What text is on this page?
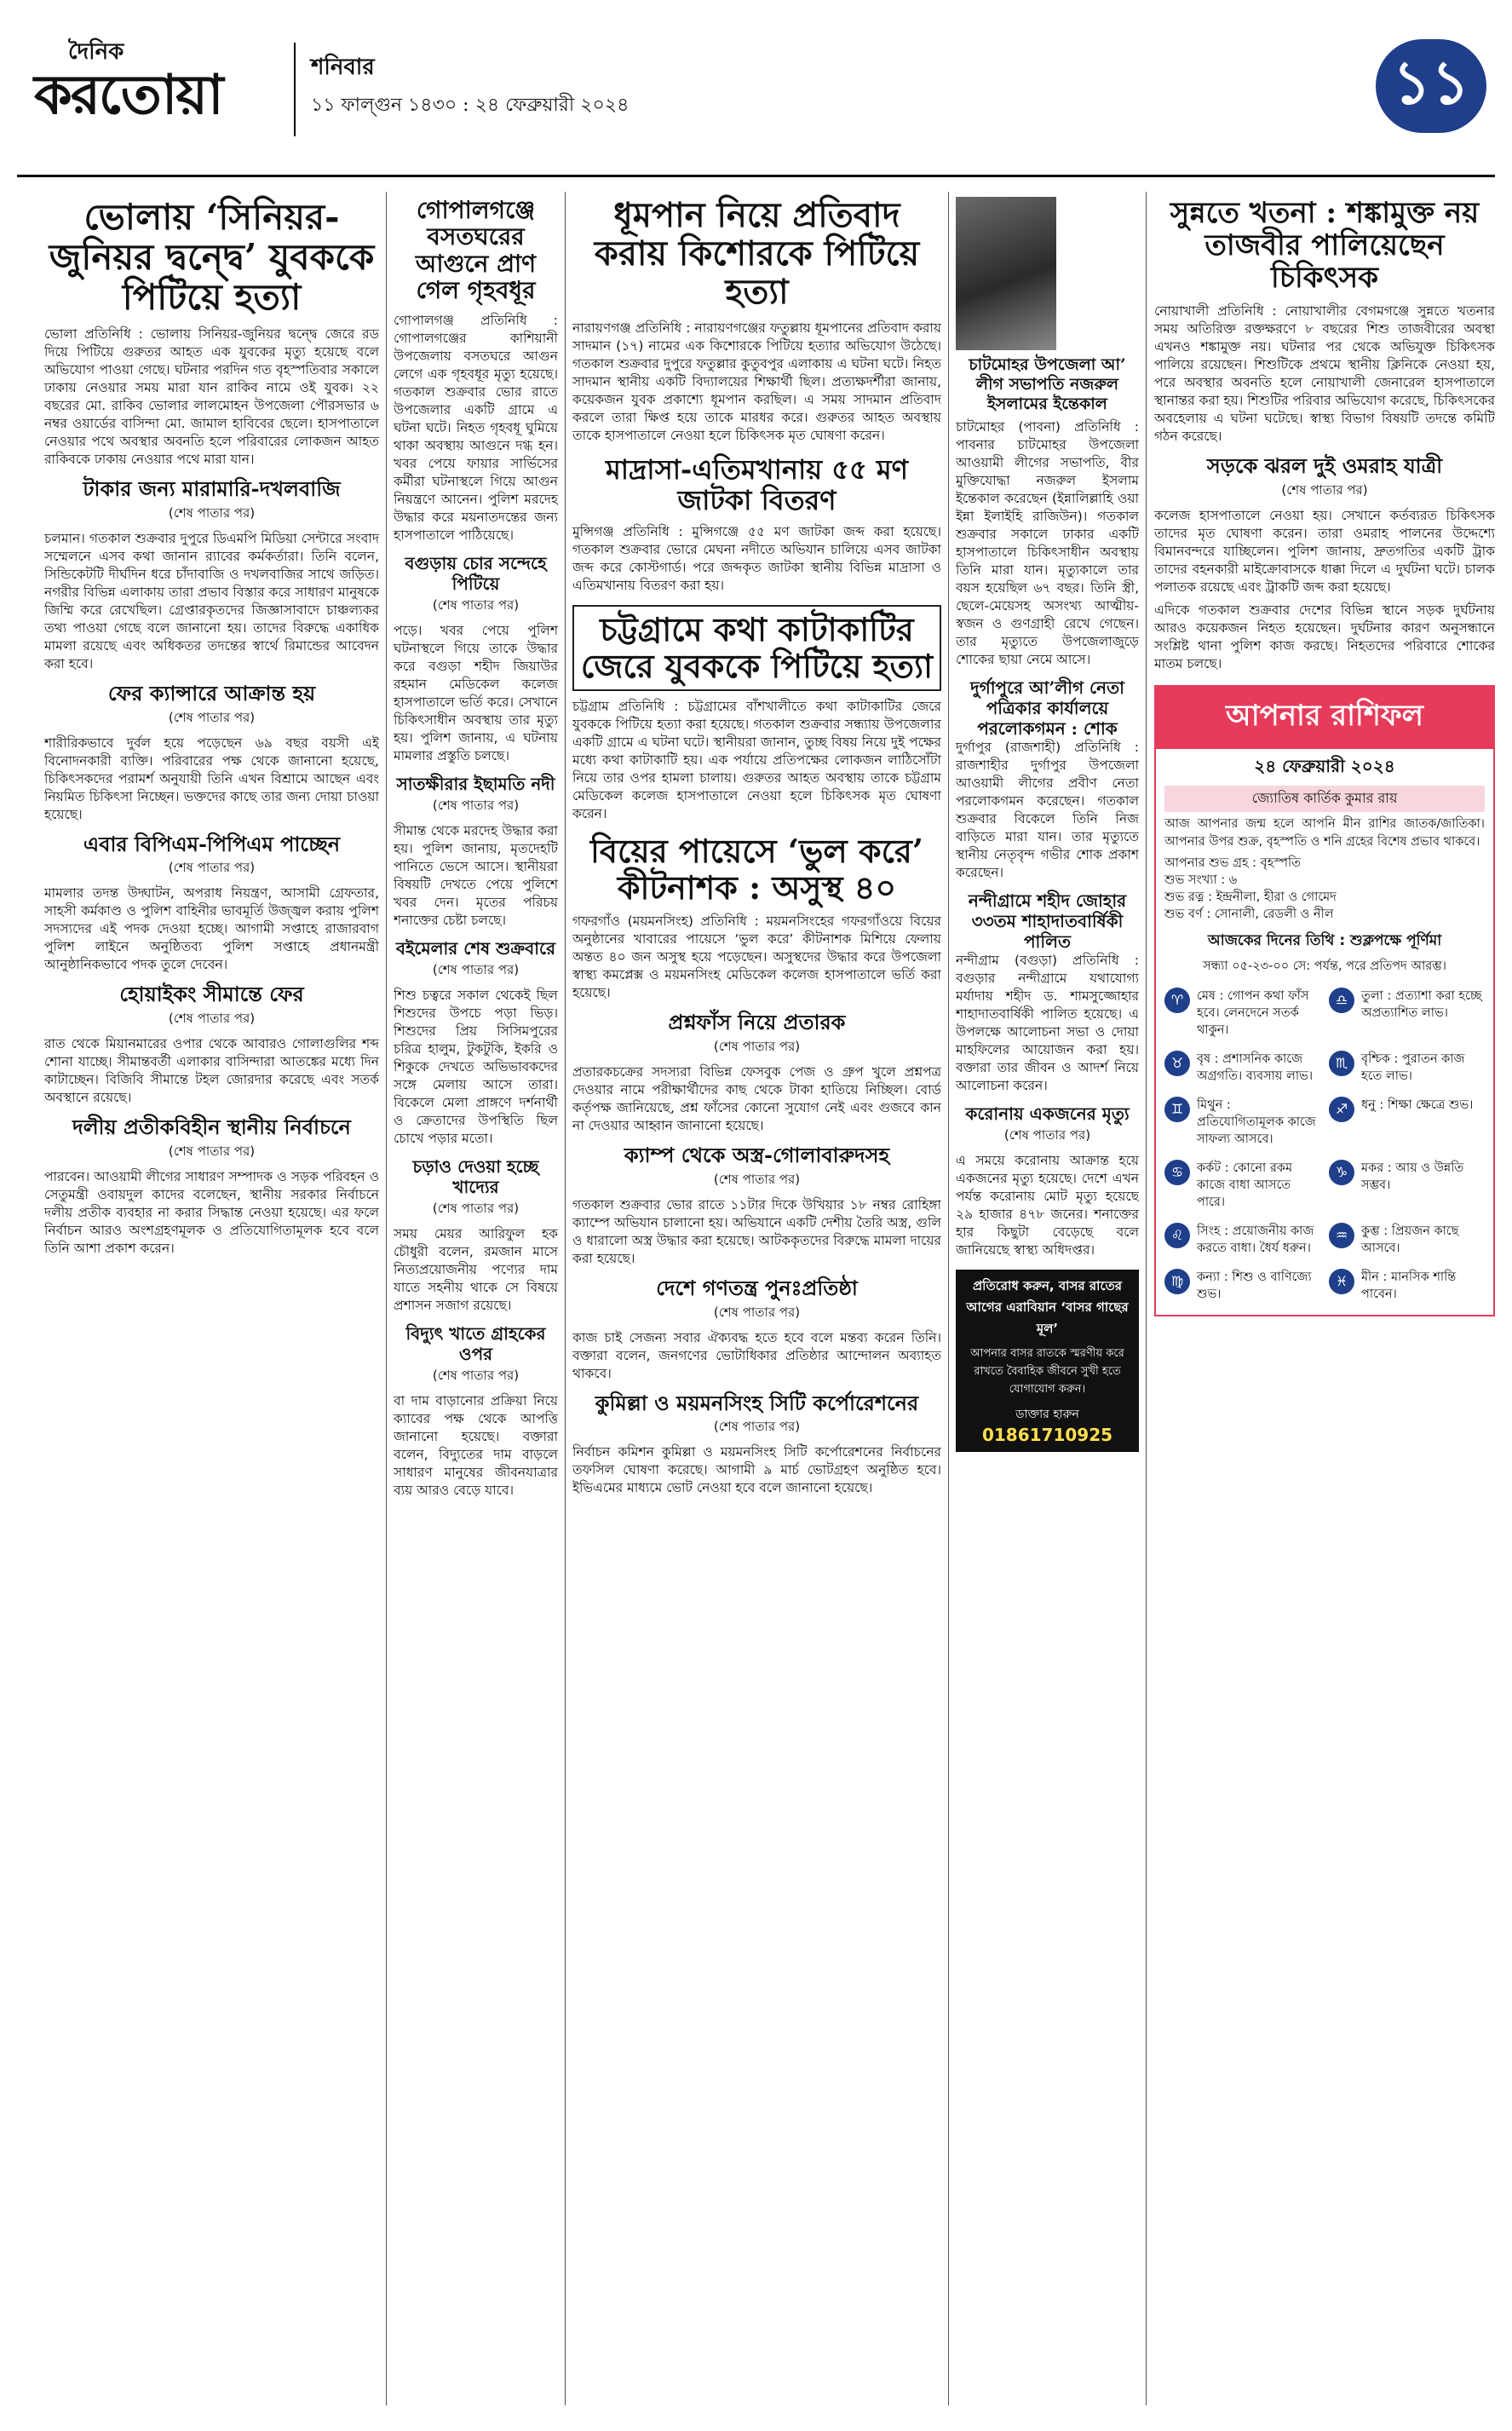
দৈনিক
করতোয়া	শনিবার
১১ ফাল্গুন ১৪৩০ : ২৪ ফেব্রুয়ারী ২০২৪	১১
ভোলায় ‘সিনিয়র-জুনিয়র দ্বন্দ্বে’ যুবককে পিটিয়ে হত্যা
ভোলা প্রতিনিধি : ভোলায় সিনিয়র-জুনিয়র দ্বন্দ্বে জেরে রড দিয়ে পিটিয়ে গুরুতর আহত এক যুবকের মৃত্যু হয়েছে বলে অভিযোগ পাওয়া গেছে। ঘটনার পরদিন গত বৃহস্পতিবার সকালে ঢাকায় নেওয়ার সময় মারা যান রাকিব নামে ওই যুবক। ২২ বছরের মো. রাকিব ভোলার লালমোহন উপজেলা পৌরসভার ৬ নম্বর ওয়ার্ডের বাসিন্দা মো. জামাল হাবিবের ছেলে। হাসপাতালে নেওয়ার পথে অবস্থার অবনতি হলে পরিবারের লোকজন আহত রাকিবকে ঢাকায় নেওয়ার পথে মারা যান।
টাকার জন্য মারামারি-দখলবাজি
(শেষ পাতার পর)
চলমান। গতকাল শুক্রবার দুপুরে ডিএমপি মিডিয়া সেন্টারে সংবাদ সম্মেলনে এসব কথা জানান র‍্যাবের কর্মকর্তারা। তিনি বলেন, সিন্ডিকেটটি দীর্ঘদিন ধরে চাঁদাবাজি ও দখলবাজির সাথে জড়িত। নগরীর বিভিন্ন এলাকায় তারা প্রভাব বিস্তার করে সাধারণ মানুষকে জিম্মি করে রেখেছিল। গ্রেপ্তারকৃতদের জিজ্ঞাসাবাদে চাঞ্চল্যকর তথ্য পাওয়া গেছে বলে জানানো হয়। তাদের বিরুদ্ধে একাধিক মামলা রয়েছে এবং অধিকতর তদন্তের স্বার্থে রিমান্ডের আবেদন করা হবে।
ফের ক্যান্সারে আক্রান্ত হয়
(শেষ পাতার পর)
শারীরিকভাবে দুর্বল হয়ে পড়েছেন ৬৯ বছর বয়সী এই বিনোদনকারী ব্যক্তি। পরিবারের পক্ষ থেকে জানানো হয়েছে, চিকিৎসকদের পরামর্শ অনুযায়ী তিনি এখন বিশ্রামে আছেন এবং নিয়মিত চিকিৎসা নিচ্ছেন। ভক্তদের কাছে তার জন্য দোয়া চাওয়া হয়েছে।
এবার বিপিএম-পিপিএম পাচ্ছেন
(শেষ পাতার পর)
মামলার তদন্ত উদ্ঘাটন, অপরাধ নিয়ন্ত্রণ, আসামী গ্রেফতার, সাহসী কর্মকাণ্ড ও পুলিশ বাহিনীর ভাবমূর্তি উজ্জ্বল করায় পুলিশ সদস্যদের এই পদক দেওয়া হচ্ছে। আগামী সপ্তাহে রাজারবাগ পুলিশ লাইনে অনুষ্ঠিতব্য পুলিশ সপ্তাহে প্রধানমন্ত্রী আনুষ্ঠানিকভাবে পদক তুলে দেবেন।
হোয়াইকং সীমান্তে ফের
(শেষ পাতার পর)
রাত থেকে মিয়ানমারের ওপার থেকে আবারও গোলাগুলির শব্দ শোনা যাচ্ছে। সীমান্তবর্তী এলাকার বাসিন্দারা আতঙ্কের মধ্যে দিন কাটাচ্ছেন। বিজিবি সীমান্তে টহল জোরদার করেছে এবং সতর্ক অবস্থানে রয়েছে।
দলীয় প্রতীকবিহীন স্থানীয় নির্বাচনে
(শেষ পাতার পর)
পারবেন। আওয়ামী লীগের সাধারণ সম্পাদক ও সড়ক পরিবহন ও সেতুমন্ত্রী ওবায়দুল কাদের বলেছেন, স্থানীয় সরকার নির্বাচনে দলীয় প্রতীক ব্যবহার না করার সিদ্ধান্ত নেওয়া হয়েছে। এর ফলে নির্বাচন আরও অংশগ্রহণমূলক ও প্রতিযোগিতামূলক হবে বলে তিনি আশা প্রকাশ করেন।
গোপালগঞ্জে বসতঘরের আগুনে প্রাণ গেল গৃহবধূর
গোপালগঞ্জ প্রতিনিধি : গোপালগঞ্জের কাশিয়ানী উপজেলায় বসতঘরে আগুন লেগে এক গৃহবধূর মৃত্যু হয়েছে। গতকাল শুক্রবার ভোর রাতে উপজেলার একটি গ্রামে এ ঘটনা ঘটে। নিহত গৃহবধূ ঘুমিয়ে থাকা অবস্থায় আগুনে দগ্ধ হন। খবর পেয়ে ফায়ার সার্ভিসের কর্মীরা ঘটনাস্থলে গিয়ে আগুন নিয়ন্ত্রণে আনেন। পুলিশ মরদেহ উদ্ধার করে ময়নাতদন্তের জন্য হাসপাতালে পাঠিয়েছে।
বগুড়ায় চোর সন্দেহে পিটিয়ে
(শেষ পাতার পর)
পড়ে। খবর পেয়ে পুলিশ ঘটনাস্থলে গিয়ে তাকে উদ্ধার করে বগুড়া শহীদ জিয়াউর রহমান মেডিকেল কলেজ হাসপাতালে ভর্তি করে। সেখানে চিকিৎসাধীন অবস্থায় তার মৃত্যু হয়। পুলিশ জানায়, এ ঘটনায় মামলার প্রস্তুতি চলছে।
সাতক্ষীরার ইছামতি নদী
(শেষ পাতার পর)
সীমান্ত থেকে মরদেহ উদ্ধার করা হয়। পুলিশ জানায়, মৃতদেহটি পানিতে ভেসে আসে। স্থানীয়রা বিষয়টি দেখতে পেয়ে পুলিশে খবর দেন। মৃতের পরিচয় শনাক্তের চেষ্টা চলছে।
বইমেলার শেষ শুক্রবারে
(শেষ পাতার পর)
শিশু চত্বরে সকাল থেকেই ছিল শিশুদের উপচে পড়া ভিড়। শিশুদের প্রিয় সিসিমপুরের চরিত্র হালুম, টুকটুকি, ইকরি ও শিকুকে দেখতে অভিভাবকদের সঙ্গে মেলায় আসে তারা। বিকেলে মেলা প্রাঙ্গণে দর্শনার্থী ও ক্রেতাদের উপস্থিতি ছিল চোখে পড়ার মতো।
চড়াও দেওয়া হচ্ছে খাদ্যের
(শেষ পাতার পর)
সময় মেয়র আরিফুল হক চৌধুরী বলেন, রমজান মাসে নিত্যপ্রয়োজনীয় পণ্যের দাম যাতে সহনীয় থাকে সে বিষয়ে প্রশাসন সজাগ রয়েছে।
বিদ্যুৎ খাতে গ্রাহকের ওপর
(শেষ পাতার পর)
বা দাম বাড়ানোর প্রক্রিয়া নিয়ে ক্যাবের পক্ষ থেকে আপত্তি জানানো হয়েছে। বক্তারা বলেন, বিদ্যুতের দাম বাড়লে সাধারণ মানুষের জীবনযাত্রার ব্যয় আরও বেড়ে যাবে।
ধূমপান নিয়ে প্রতিবাদ করায় কিশোরকে পিটিয়ে হত্যা
নারায়ণগঞ্জ প্রতিনিধি : নারায়ণগঞ্জের ফতুল্লায় ধূমপানের প্রতিবাদ করায় সাদমান (১৭) নামের এক কিশোরকে পিটিয়ে হত্যার অভিযোগ উঠেছে। গতকাল শুক্রবার দুপুরে ফতুল্লার কুতুবপুর এলাকায় এ ঘটনা ঘটে। নিহত সাদমান স্থানীয় একটি বিদ্যালয়ের শিক্ষার্থী ছিল। প্রত্যক্ষদর্শীরা জানায়, কয়েকজন যুবক প্রকাশ্যে ধূমপান করছিল। এ সময় সাদমান প্রতিবাদ করলে তারা ক্ষিপ্ত হয়ে তাকে মারধর করে। গুরুতর আহত অবস্থায় তাকে হাসপাতালে নেওয়া হলে চিকিৎসক মৃত ঘোষণা করেন।
মাদ্রাসা-এতিমখানায় ৫৫ মণ জাটকা বিতরণ
মুন্সিগঞ্জ প্রতিনিধি : মুন্সিগঞ্জে ৫৫ মণ জাটকা জব্দ করা হয়েছে। গতকাল শুক্রবার ভোরে মেঘনা নদীতে অভিযান চালিয়ে এসব জাটকা জব্দ করে কোস্টগার্ড। পরে জব্দকৃত জাটকা স্থানীয় বিভিন্ন মাদ্রাসা ও এতিমখানায় বিতরণ করা হয়।
চট্টগ্রামে কথা কাটাকাটির জেরে যুবককে পিটিয়ে হত্যা
চট্টগ্রাম প্রতিনিধি : চট্টগ্রামের বাঁশখালীতে কথা কাটাকাটির জেরে যুবককে পিটিয়ে হত্যা করা হয়েছে। গতকাল শুক্রবার সন্ধ্যায় উপজেলার একটি গ্রামে এ ঘটনা ঘটে। স্থানীয়রা জানান, তুচ্ছ বিষয় নিয়ে দুই পক্ষের মধ্যে কথা কাটাকাটি হয়। এক পর্যায়ে প্রতিপক্ষের লোকজন লাঠিসোঁটা নিয়ে তার ওপর হামলা চালায়। গুরুতর আহত অবস্থায় তাকে চট্টগ্রাম মেডিকেল কলেজ হাসপাতালে নেওয়া হলে চিকিৎসক মৃত ঘোষণা করেন।
বিয়ের পায়েসে ‘ভুল করে’ কীটনাশক : অসুস্থ ৪০
গফরগাঁও (ময়মনসিংহ) প্রতিনিধি : ময়মনসিংহের গফরগাঁওয়ে বিয়ের অনুষ্ঠানের খাবারের পায়েসে ‘ভুল করে’ কীটনাশক মিশিয়ে ফেলায় অন্তত ৪০ জন অসুস্থ হয়ে পড়েছেন। অসুস্থদের উদ্ধার করে উপজেলা স্বাস্থ্য কমপ্লেক্স ও ময়মনসিংহ মেডিকেল কলেজ হাসপাতালে ভর্তি করা হয়েছে।
প্রশ্নফাঁস নিয়ে প্রতারক
(শেষ পাতার পর)
প্রতারকচক্রের সদস্যরা বিভিন্ন ফেসবুক পেজ ও গ্রুপ খুলে প্রশ্নপত্র দেওয়ার নামে পরীক্ষার্থীদের কাছ থেকে টাকা হাতিয়ে নিচ্ছিল। বোর্ড কর্তৃপক্ষ জানিয়েছে, প্রশ্ন ফাঁসের কোনো সুযোগ নেই এবং গুজবে কান না দেওয়ার আহ্বান জানানো হয়েছে।
ক্যাম্প থেকে অস্ত্র-গোলাবারুদসহ
(শেষ পাতার পর)
গতকাল শুক্রবার ভোর রাতে ১১টার দিকে উখিয়ার ১৮ নম্বর রোহিঙ্গা ক্যাম্পে অভিযান চালানো হয়। অভিযানে একটি দেশীয় তৈরি অস্ত্র, গুলি ও ধারালো অস্ত্র উদ্ধার করা হয়েছে। আটককৃতদের বিরুদ্ধে মামলা দায়ের করা হয়েছে।
দেশে গণতন্ত্র পুনঃপ্রতিষ্ঠা
(শেষ পাতার পর)
কাজ চাই সেজন্য সবার ঐক্যবদ্ধ হতে হবে বলে মন্তব্য করেন তিনি। বক্তারা বলেন, জনগণের ভোটাধিকার প্রতিষ্ঠার আন্দোলন অব্যাহত থাকবে।
কুমিল্লা ও ময়মনসিংহ সিটি কর্পোরেশনের
(শেষ পাতার পর)
নির্বাচন কমিশন কুমিল্লা ও ময়মনসিংহ সিটি কর্পোরেশনের নির্বাচনের তফসিল ঘোষণা করেছে। আগামী ৯ মার্চ ভোটগ্রহণ অনুষ্ঠিত হবে। ইভিএমের মাধ্যমে ভোট নেওয়া হবে বলে জানানো হয়েছে।
চাটমোহর উপজেলা আ’ লীগ সভাপতি নজরুল ইসলামের ইন্তেকাল
চাটমোহর (পাবনা) প্রতিনিধি : পাবনার চাটমোহর উপজেলা আওয়ামী লীগের সভাপতি, বীর মুক্তিযোদ্ধা নজরুল ইসলাম ইন্তেকাল করেছেন (ইন্নালিল্লাহি ওয়া ইন্না ইলাইহি রাজিউন)। গতকাল শুক্রবার সকালে ঢাকার একটি হাসপাতালে চিকিৎসাধীন অবস্থায় তিনি মারা যান। মৃত্যুকালে তার বয়স হয়েছিল ৬৭ বছর। তিনি স্ত্রী, ছেলে-মেয়েসহ অসংখ্য আত্মীয়-স্বজন ও গুণগ্রাহী রেখে গেছেন। তার মৃত্যুতে উপজেলাজুড়ে শোকের ছায়া নেমে আসে।
দুর্গাপুরে আ’লীগ নেতা পত্রিকার কার্যালয়ে পরলোকগমন : শোক
দুর্গাপুর (রাজশাহী) প্রতিনিধি : রাজশাহীর দুর্গাপুর উপজেলা আওয়ামী লীগের প্রবীণ নেতা পরলোকগমন করেছেন। গতকাল শুক্রবার বিকেলে তিনি নিজ বাড়িতে মারা যান। তার মৃত্যুতে স্থানীয় নেতৃবৃন্দ গভীর শোক প্রকাশ করেছেন।
নন্দীগ্রামে শহীদ জোহার ৩৩তম শাহাদাতবার্ষিকী পালিত
নন্দীগ্রাম (বগুড়া) প্রতিনিধি : বগুড়ার নন্দীগ্রামে যথাযোগ্য মর্যাদায় শহীদ ড. শামসুজ্জোহার শাহাদাতবার্ষিকী পালিত হয়েছে। এ উপলক্ষে আলোচনা সভা ও দোয়া মাহফিলের আয়োজন করা হয়। বক্তারা তার জীবন ও আদর্শ নিয়ে আলোচনা করেন।
করোনায় একজনের মৃত্যু
(শেষ পাতার পর)
এ সময়ে করোনায় আক্রান্ত হয়ে একজনের মৃত্যু হয়েছে। দেশে এখন পর্যন্ত করোনায় মোট মৃত্যু হয়েছে ২৯ হাজার ৪৭৮ জনের। শনাক্তের হার কিছুটা বেড়েছে বলে জানিয়েছে স্বাস্থ্য অধিদপ্তর।
প্রতিরোধ করুন, বাসর রাতের আগের এরাবিয়ান ‘বাসর গাছের মূল’
আপনার বাসর রাতকে স্মরণীয় করে রাখতে বৈবাহিক জীবনে সুখী হতে যোগাযোগ করুন।
ডাক্তার হারুন 01861710925
সুন্নতে খতনা : শঙ্কামুক্ত নয় তাজবীর পালিয়েছেন চিকিৎসক
নোয়াখালী প্রতিনিধি : নোয়াখালীর বেগমগঞ্জে সুন্নতে খতনার সময় অতিরিক্ত রক্তক্ষরণে ৮ বছরের শিশু তাজবীরের অবস্থা এখনও শঙ্কামুক্ত নয়। ঘটনার পর থেকে অভিযুক্ত চিকিৎসক পালিয়ে রয়েছেন। শিশুটিকে প্রথমে স্থানীয় ক্লিনিকে নেওয়া হয়, পরে অবস্থার অবনতি হলে নোয়াখালী জেনারেল হাসপাতালে স্থানান্তর করা হয়। শিশুটির পরিবার অভিযোগ করেছে, চিকিৎসকের অবহেলায় এ ঘটনা ঘটেছে। স্বাস্থ্য বিভাগ বিষয়টি তদন্তে কমিটি গঠন করেছে।
সড়কে ঝরল দুই ওমরাহ যাত্রী
(শেষ পাতার পর)
কলেজ হাসপাতালে নেওয়া হয়। সেখানে কর্তব্যরত চিকিৎসক তাদের মৃত ঘোষণা করেন। তারা ওমরাহ পালনের উদ্দেশ্যে বিমানবন্দরে যাচ্ছিলেন। পুলিশ জানায়, দ্রুতগতির একটি ট্রাক তাদের বহনকারী মাইক্রোবাসকে ধাক্কা দিলে এ দুর্ঘটনা ঘটে। চালক পলাতক রয়েছে এবং ট্রাকটি জব্দ করা হয়েছে।
এদিকে গতকাল শুক্রবার দেশের বিভিন্ন স্থানে সড়ক দুর্ঘটনায় আরও কয়েকজন নিহত হয়েছেন। দুর্ঘটনার কারণ অনুসন্ধানে সংশ্লিষ্ট থানা পুলিশ কাজ করছে। নিহতদের পরিবারে শোকের মাতম চলছে।
আপনার রাশিফল
২৪ ফেব্রুয়ারী ২০২৪
জ্যোতিষ কার্তিক কুমার রায়
আজ আপনার জন্ম হলে আপনি মীন রাশির জাতক/জাতিকা। আপনার উপর শুক্র, বৃহস্পতি ও শনি গ্রহের বিশেষ প্রভাব থাকবে।
আপনার শুভ গ্রহ : বৃহস্পতি
শুভ সংখ্যা : ৬
শুভ রত্ন : ইন্দ্রনীলা, হীরা ও গোমেদ
শুভ বর্ণ : সোনালী, রেডলী ও নীল
আজকের দিনের তিথি : শুক্লপক্ষে পূর্ণিমা
সন্ধ্যা ০৫-২৩-০০ সে: পর্যন্ত, পরে প্রতিপদ আরম্ভ।
♈	মেষ : গোপন কথা ফাঁস হবে। লেনদেনে সতর্ক থাকুন।
♎	তুলা : প্রত্যাশা করা হচ্ছে অপ্রত্যাশিত লাভ।
♉	বৃষ : প্রশাসনিক কাজে অগ্রগতি। ব্যবসায় লাভ।
♏	বৃশ্চিক : পুরাতন কাজ হতে লাভ।
♊	মিথুন : প্রতিযোগিতামূলক কাজে সাফল্য আসবে।
♐	ধনু : শিক্ষা ক্ষেত্রে শুভ।
♋	কর্কট : কোনো রকম কাজে বাধা আসতে পারে।
♑	মকর : আয় ও উন্নতি সম্ভব।
♌	সিংহ : প্রয়োজনীয় কাজ করতে বাধা। ধৈর্য ধরুন।
♒	কুম্ভ : প্রিয়জন কাছে আসবে।
♍	কন্যা : শিশু ও বাণিজ্যে শুভ।
♓	মীন : মানসিক শান্তি পাবেন।
